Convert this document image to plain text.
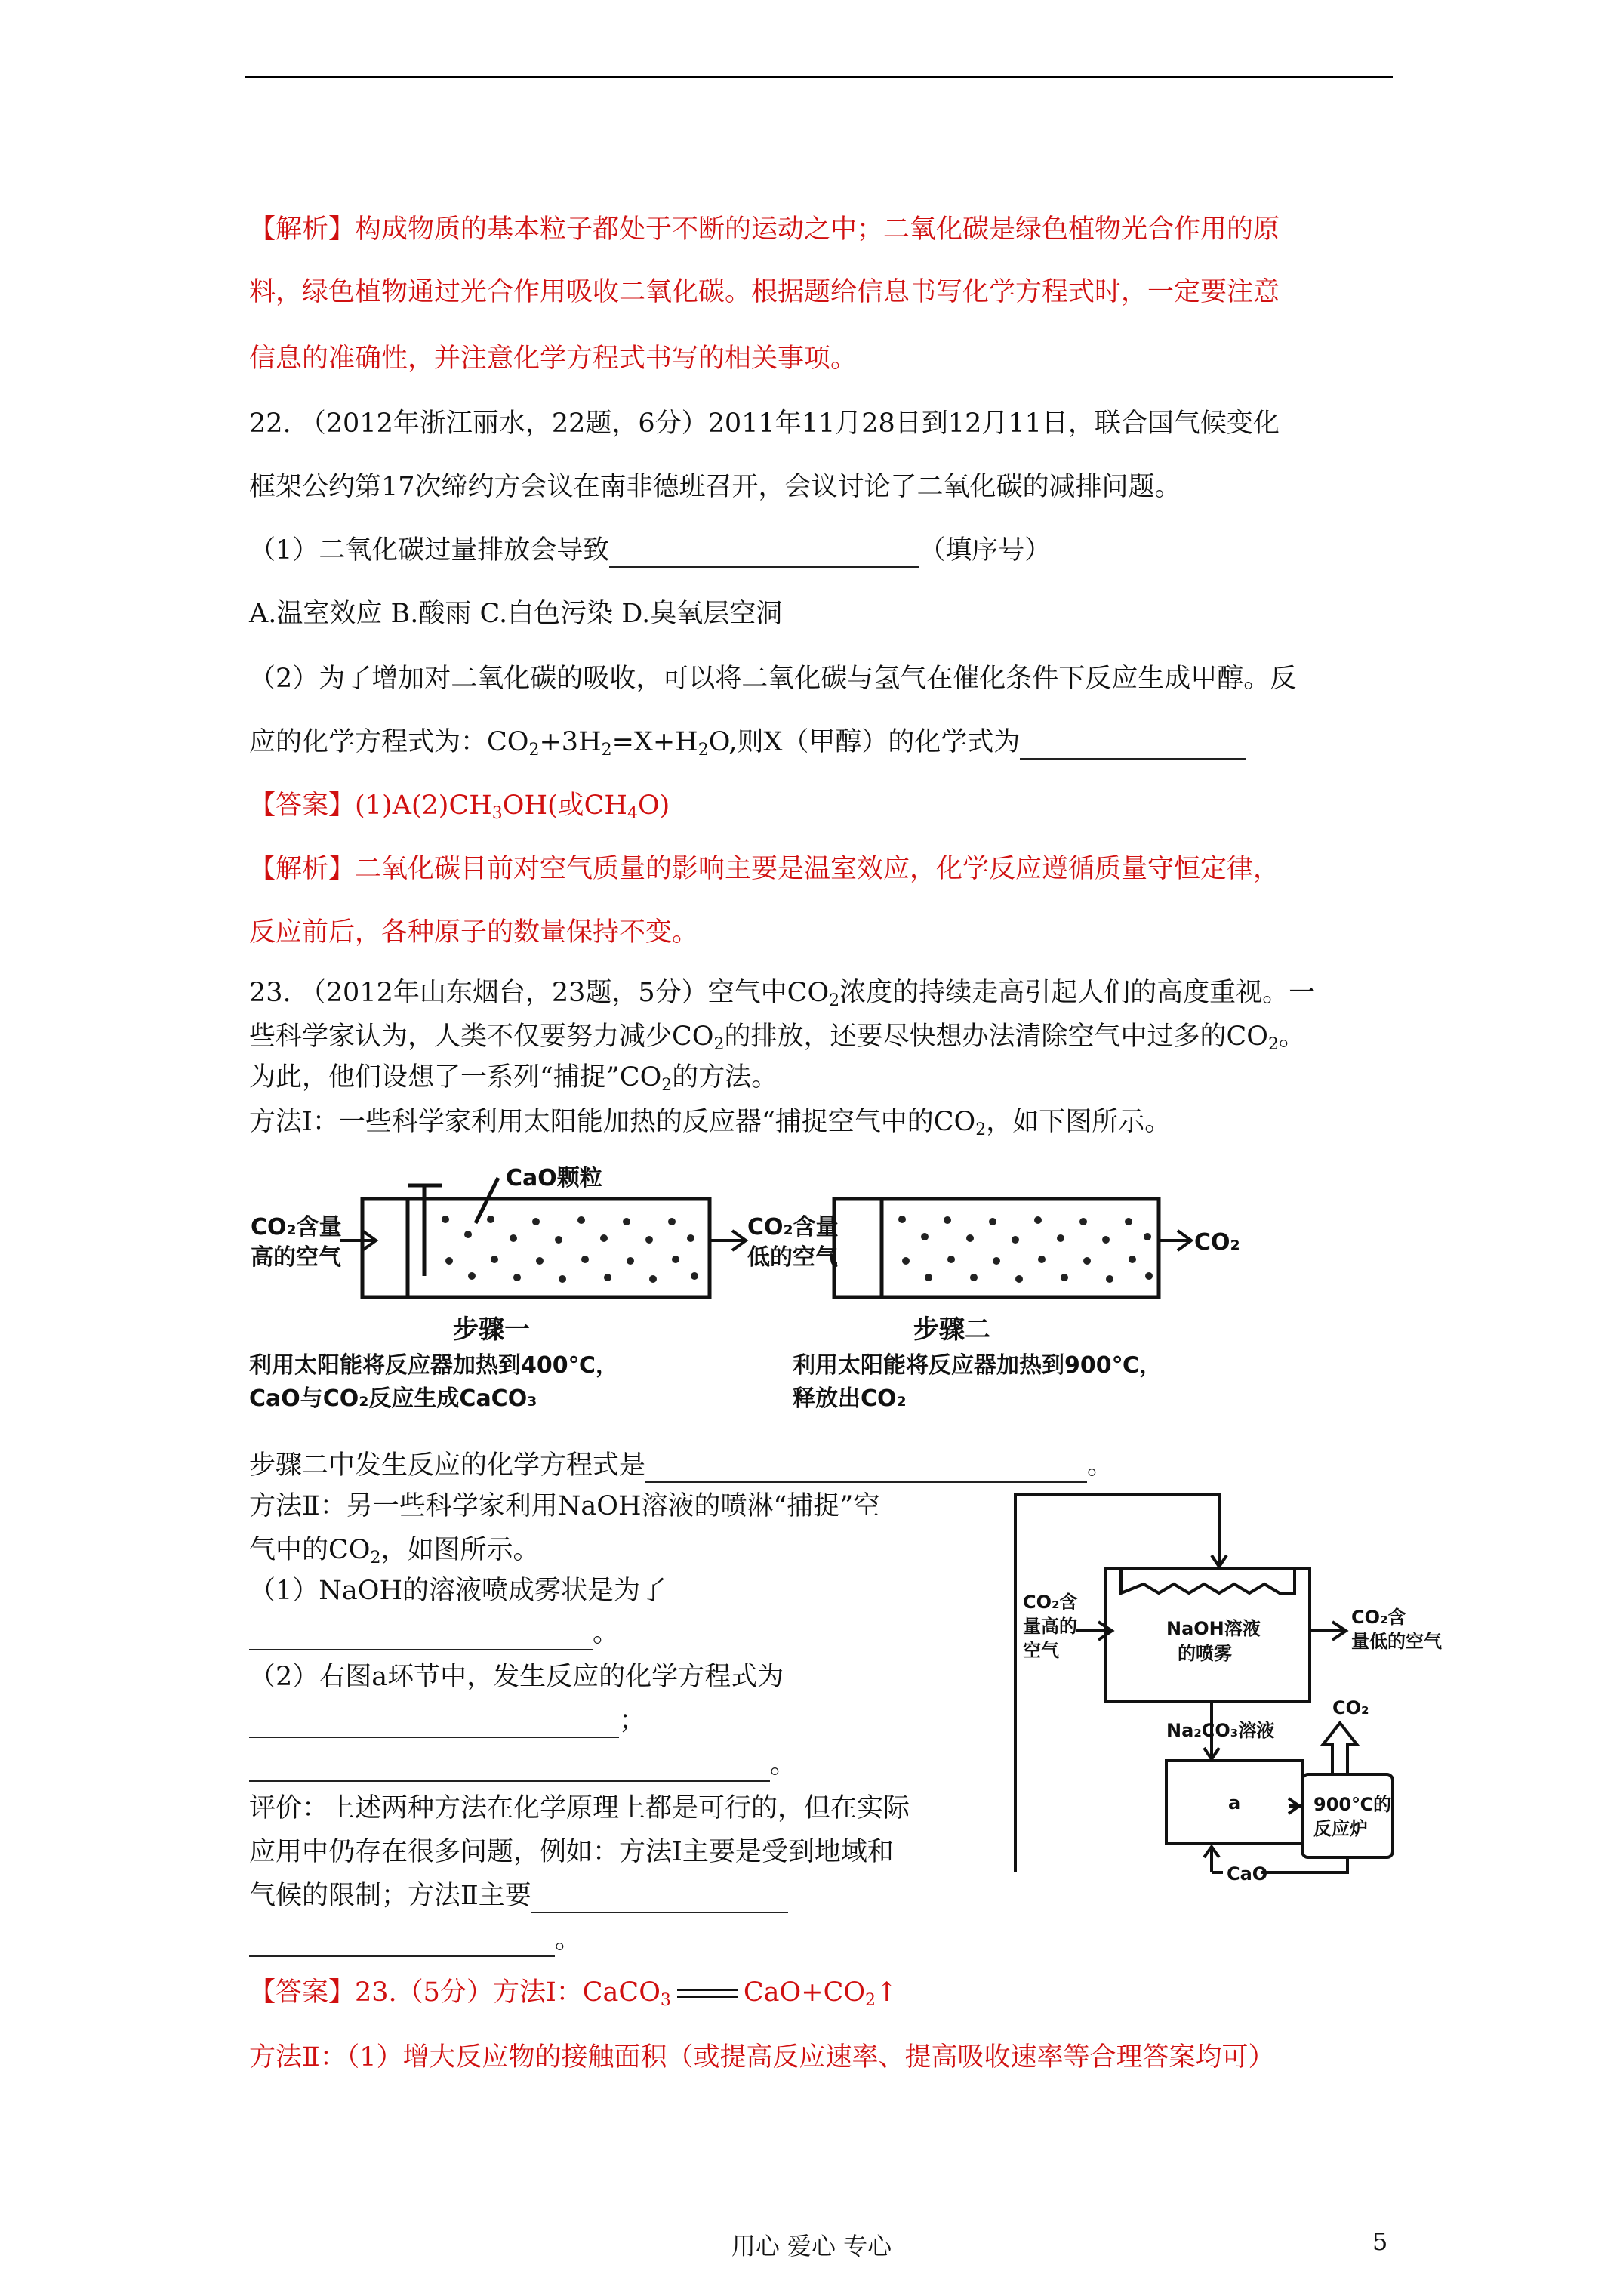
【解析】构成物质的基本粒子都处于不断的运动之中；二氧化碳是绿色植物光合作用的原
料，绿色植物通过光合作用吸收二氧化碳。根据题给信息书写化学方程式时，一定要注意
信息的准确性，并注意化学方程式书写的相关事项。
22. （2012年浙江丽水，22题，6分）2011年11月28日到12月11日，联合国气候变化
框架公约第17次缔约方会议在南非德班召开，会议讨论了二氧化碳的减排问题。
（1）二氧化碳过量排放会导致	（填序号）
A.温室效应 B.酸雨 C.白色污染 D.臭氧层空洞
（2）为了增加对二氧化碳的吸收，可以将二氧化碳与氢气在催化条件下反应生成甲醇。反
应的化学方程式为：$CO_2+3H_2=X+H_2O$,则X（甲醇）的化学式为
【答案】$(1)A(2)CH_3OH$(或$CH_4O$)
【解析】二氧化碳目前对空气质量的影响主要是温室效应，化学反应遵循质量守恒定律，
反应前后，各种原子的数量保持不变。
23. （2012年山东烟台，23题，5分）空气中$CO_2$浓度的持续走高引起人们的高度重视。一
些科学家认为，人类不仅要努力减少$CO_2$的排放，还要尽快想办法清除空气中过多的$CO_2$。
为此，他们设想了一系列“捕捉$”CO_2$的方法。
方法Ⅰ：一些科学家利用太阳能加热的反应器“捕捉空气中的$CO_2$，如下图所示。
CaO颗粒
CO₂含量
高的空气
CO₂含量
低的空气
CO₂
步骤一	步骤二
利用太阳能将反应器加热到400℃，
CaO与CO₂反应生成CaCO₃
利用太阳能将反应器加热到900℃，
释放出CO₂
步骤二中发生反应的化学方程式是	。
方法Ⅱ：另一些科学家利用NaOH溶液的喷淋“捕捉”空
气中的$CO_2$，如图所示。
（1）NaOH的溶液喷成雾状是为了
。
（2）右图a环节中，发生反应的化学方程式为
；
。
评价：上述两种方法在化学原理上都是可行的，但在实际
应用中仍存在很多问题，例如：方法Ⅰ主要是受到地域和
气候的限制；方法Ⅱ主要
。
CO₂含
量高的
空气
NaOH溶液
的喷雾
CO₂含
量低的空气
Na₂CO₃溶液
CO₂
a	900℃的
反应炉
CaO
【答案】23.（5分）方法Ⅰ：CaCO$_3$	$CaO+CO_2↑$
方法Ⅱ：（1）增大反应物的接触面积（或提高反应速率、提高吸收速率等合理答案均可）
用心 爱心 专心	5
